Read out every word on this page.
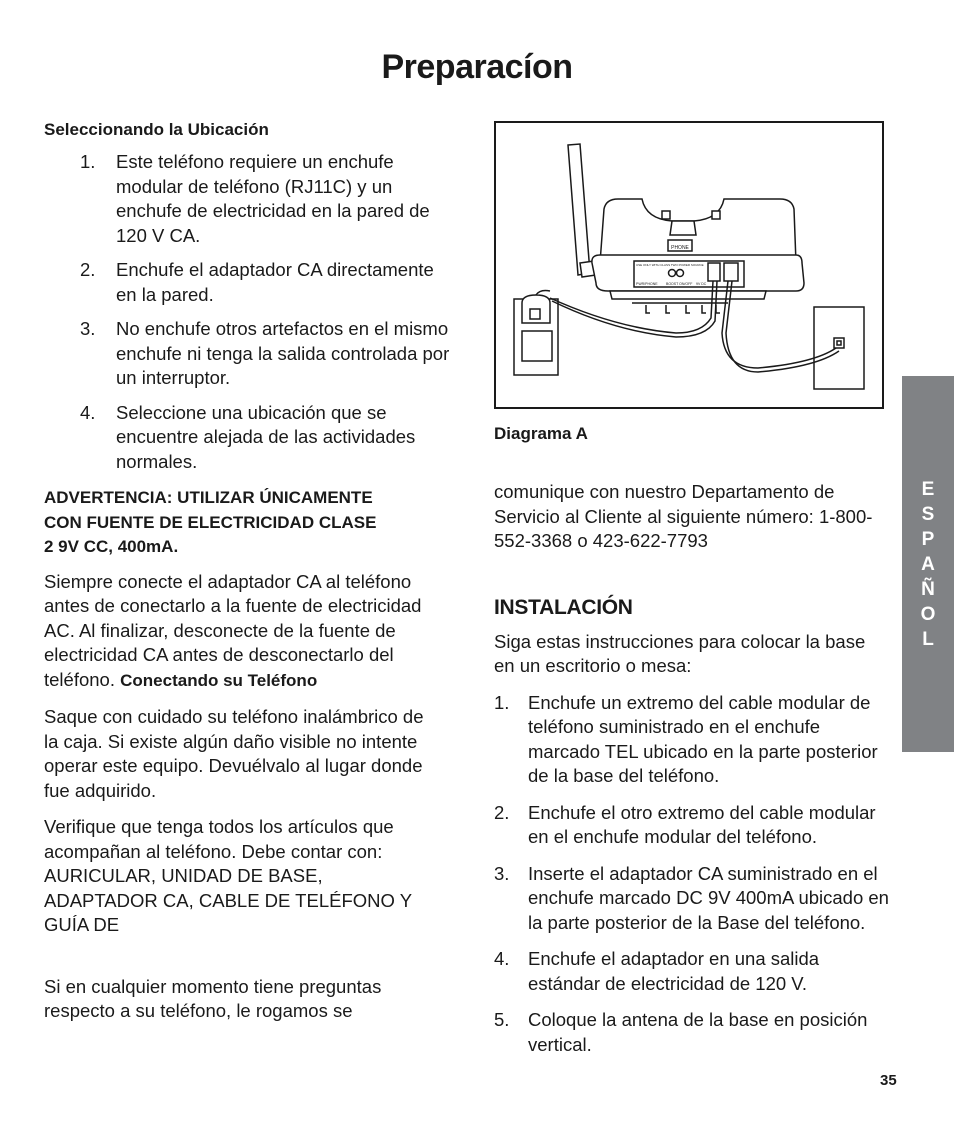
Preparacíon

Seleccionando la Ubicación

1. Este teléfono requiere un enchufe modular de teléfono (RJ11C) y un enchufe de electricidad en la pared de 120 V CA.
2. Enchufe el adaptador CA directamente en la pared.
3. No enchufe otros artefactos en el mismo enchufe ni tenga la salida controlada por un interruptor.
4. Seleccione una ubicación que se encuentre alejada de las actividades normales.

ADVERTENCIA: UTILIZAR ÚNICAMENTE

CON FUENTE DE ELECTRICIDAD CLASE

2 9V CC, 400mA.

Siempre conecte el adaptador CA al teléfono antes de conectarlo a la fuente de electricidad AC. Al finalizar, desconecte de la fuente de electricidad CA antes de desconectarlo del teléfono. Conectando su Teléfono

Saque con cuidado su teléfono inalámbrico de la caja. Si existe algún daño visible no intente operar este equipo. Devuélvalo al lugar donde fue adquirido.

Verifique que tenga todos los artículos que acompañan al teléfono. Debe contar con: AURICULAR, UNIDAD DE BASE, ADAPTADOR CA, CABLE DE TELÉFONO Y GUÍA DE

Si en cualquier momento tiene preguntas respecto a su teléfono, le rogamos se

PHONE
USE ONLY WITH CLASS TWO POWER SOURCE
PWR/PHONE BOOST ON/OFF 9V DC

Diagrama A

comunique con nuestro Departamento de Servicio al Cliente al siguiente número: 1-800-552-3368 o 423-622-7793

INSTALACIÓN

Siga estas instrucciones para colocar la base en un escritorio o mesa:

1. Enchufe un extremo del cable modular de teléfono suministrado en el enchufe marcado TEL ubicado en la parte posterior de la base del teléfono.
2. Enchufe el otro extremo del cable modular en el enchufe modular del teléfono.
3. Inserte el adaptador CA suministrado en el enchufe marcado DC 9V 400mA ubicado en la parte posterior de la Base del teléfono.
4. Enchufe el adaptador en una salida estándar de electricidad de 120 V.
5. Coloque la antena de la base en posición vertical.
E
S
P
A
Ñ
O
L

35
